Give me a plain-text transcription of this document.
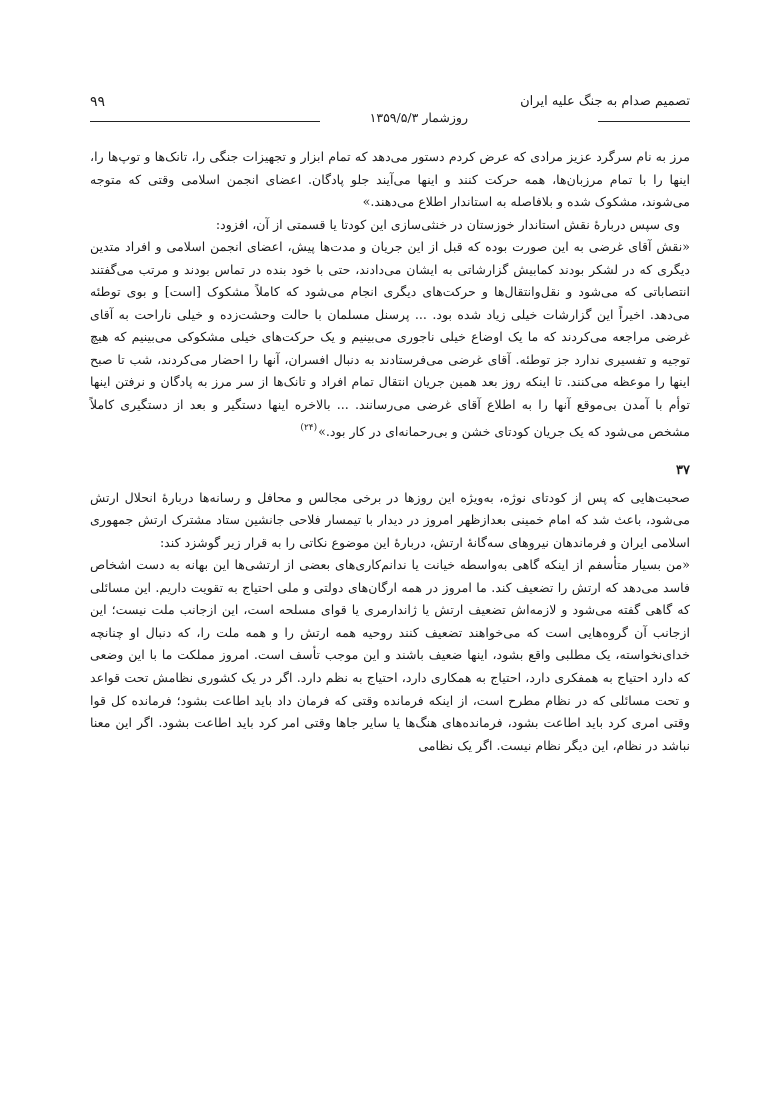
تصمیم صدام به جنگ علیه ایران
روزشمار ۱۳۵۹/۵/۳
۹۹

مرز به نام سرگرد عزیز مرادی که عرض کردم دستور می‌دهد که تمام ابزار و تجهیزات جنگی را، تانک‌ها و توپ‌ها را، اینها را با تمام مرزبان‌ها، همه حرکت کنند و اینها می‌آیند جلو پادگان. اعضای انجمن اسلامی وقتی که متوجه می‌شوند، مشکوک شده و بلافاصله به استاندار اطلاع می‌دهند.»

وی سپس دربارهٔ نقش استاندار خوزستان در خنثی‌سازی این کودتا یا قسمتی از آن، افزود:

«نقش آقای غرضی به این صورت بوده که قبل از این جریان و مدت‌ها پیش، اعضای انجمن اسلامی و افراد متدین دیگری که در لشکر بودند کمابیش گزارشاتی به ایشان می‌دادند، حتی با خود بنده در تماس بودند و مرتب می‌گفتند انتصاباتی که می‌شود و نقل‌وانتقال‌ها و حرکت‌های دیگری انجام می‌شود که کاملاً مشکوک [است] و بوی توطئه می‌دهد. اخیراً این گزارشات خیلی زیاد شده بود. ... پرسنل مسلمان با حالت وحشت‌زده و خیلی ناراحت به آقای غرضی مراجعه می‌کردند که ما یک اوضاع خیلی ناجوری می‌بینیم و یک حرکت‌های خیلی مشکوکی می‌بینیم که هیچ توجیه و تفسیری ندارد جز توطئه. آقای غرضی می‌فرستادند به دنبال افسران، آنها را احضار می‌کردند، شب تا صبح اینها را موعظه می‌کنند. تا اینکه روز بعد همین جریان انتقال تمام افراد و تانک‌ها از سر مرز به پادگان و نرفتن اینها توأم با آمدن بی‌موقع آنها را به اطلاع آقای غرضی می‌رسانند. ... بالاخره اینها دستگیر و بعد از دستگیری کاملاً مشخص می‌شود که یک جریان کودتای خشن و بی‌رحمانه‌ای در کار بود.»$^{(۲۴)}$

۳۷

صحبت‌هایی که پس از کودتای نوژه، به‌ویژه این روزها در برخی مجالس و محافل و رسانه‌ها دربارهٔ انحلال ارتش می‌شود، باعث شد که امام خمینی بعدازظهر امروز در دیدار با تیمسار فلاحی جانشین ستاد مشترک ارتش جمهوری اسلامی ایران و فرماندهان نیروهای سه‌گانهٔ ارتش، دربارهٔ این موضوع نکاتی را به قرار زیر گوشزد کند:

«من بسیار متأسفم از اینکه گاهی به‌واسطه خیانت یا ندانم‌کاری‌های بعضی از ارتشی‌ها این بهانه به دست اشخاص فاسد می‌دهد که ارتش را تضعیف کند. ما امروز در همه ارگان‌های دولتی و ملی احتیاج به تقویت داریم. این مسائلی که گاهی گفته می‌شود و لازمه‌اش تضعیف ارتش یا ژاندارمری یا قوای مسلحه است، این ازجانب ملت نیست؛ این ازجانب آن گروه‌هایی است که می‌خواهند تضعیف کنند روحیه همه ارتش را و همه ملت را، که دنبال او چنانچه خدای‌نخواسته، یک مطلبی واقع بشود، اینها ضعیف باشند و این موجب تأسف است. امروز مملکت ما با این وضعی که دارد احتیاج به همفکری دارد، احتیاج به همکاری دارد، احتیاج به نظم دارد. اگر در یک کشوری نظامش تحت قواعد و تحت مسائلی که در نظام مطرح است، از اینکه فرمانده وقتی که فرمان داد باید اطاعت بشود؛ فرمانده کل قوا وقتی امری کرد باید اطاعت بشود، فرمانده‌های هنگ‌ها یا سایر جاها وقتی امر کرد باید اطاعت بشود. اگر این معنا نباشد در نظام، این دیگر نظام نیست. اگر یک نظامی
